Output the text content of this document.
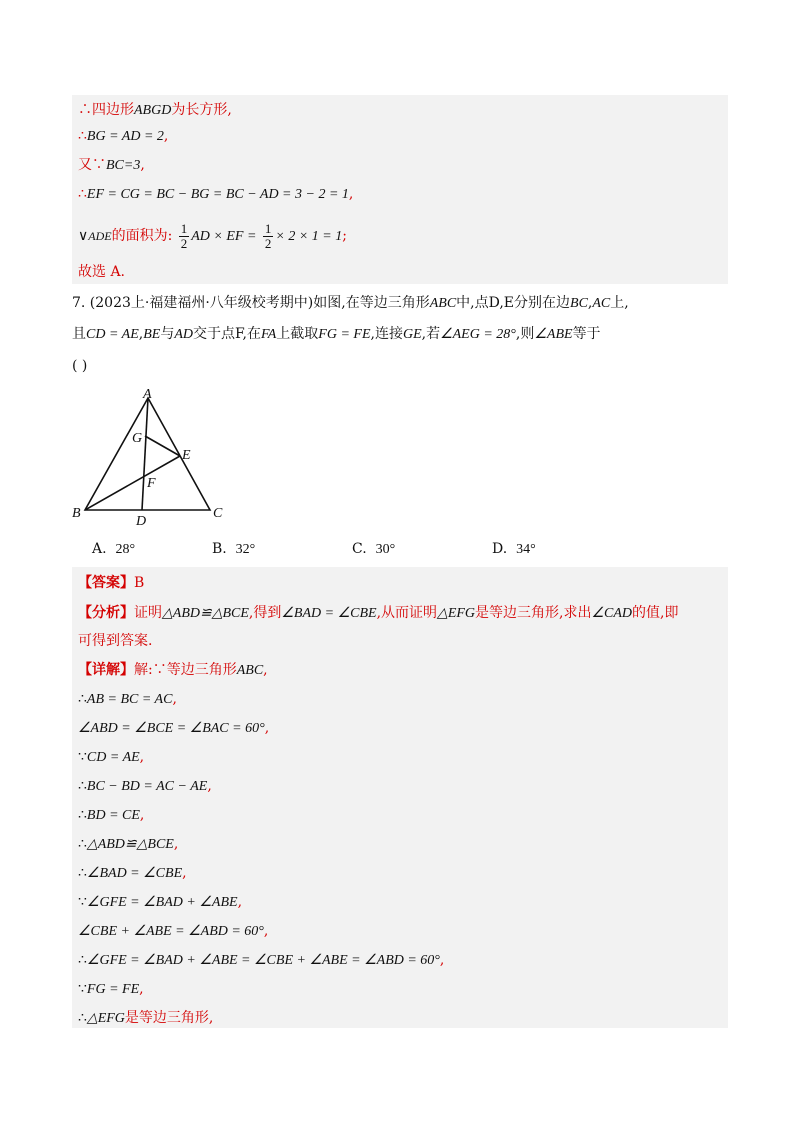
∴四边形ABGD为长方形,
∴BG = AD = 2,
又∵BC=3,
∴EF = CG = BC − BG = BC − AD = 3 − 2 = 1,
∨ADE的面积为: $\frac{1}{2}$ AD × EF = $\frac{1}{2} \times 2 \times 1 = 1$;
故选 A.
7. (2023上·福建福州·八年级校考期中)如图,在等边三角形ABC中,点D,E分别在边BC,AC上,
且CD = AE,BE与AD交于点F,在FA上截取FG = FE,连接GE,若∠AEG = 28°,则∠ABE等于
( )
A
B	C
D
E
F
G
A. 28°	B. 32°	C. 30°	D. 34°
【答案】B
【分析】证明△ABD≌△BCE,得到∠BAD = ∠CBE,从而证明△EFG是等边三角形,求出∠CAD的值,即
可得到答案.
【详解】解:∵等边三角形ABC,
∴AB = BC = AC,
∠ABD = ∠BCE = ∠BAC = 60°,
∵CD = AE,
∴BC − BD = AC − AE,
∴BD = CE,
∴△ABD≌△BCE,
∴∠BAD = ∠CBE,
∵∠GFE = ∠BAD + ∠ABE,
∠CBE + ∠ABE = ∠ABD = 60°,
∴∠GFE = ∠BAD + ∠ABE = ∠CBE + ∠ABE = ∠ABD = 60°,
∵FG = FE,
∴△EFG是等边三角形,
